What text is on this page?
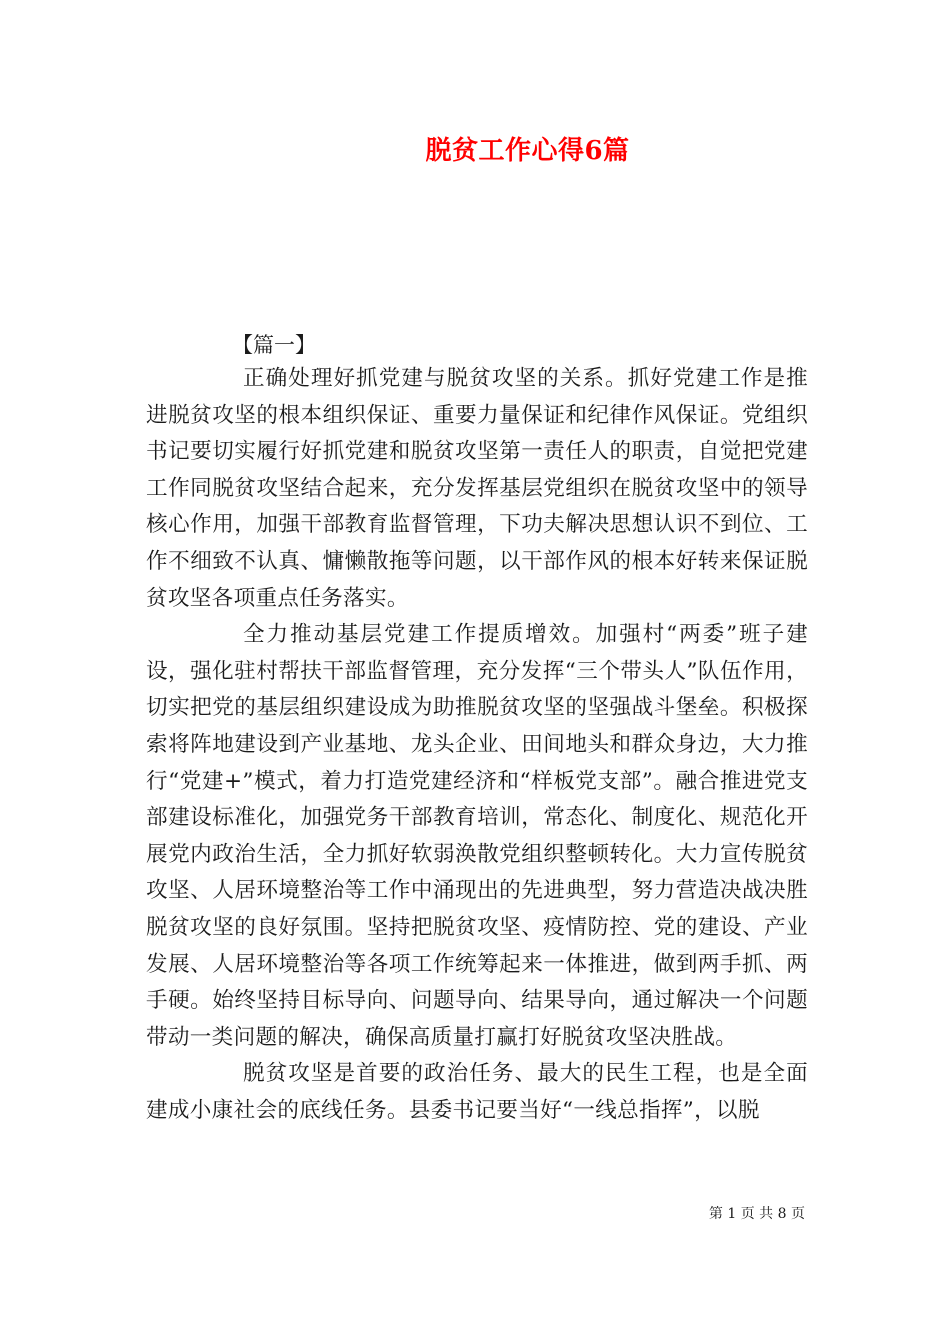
脱贫工作心得6篇
【篇一】

正确处理好抓党建与脱贫攻坚的关系。抓好党建工作是推进脱贫攻坚的根本组织保证、重要力量保证和纪律作风保证。党组织书记要切实履行好抓党建和脱贫攻坚第一责任人的职责，自觉把党建工作同脱贫攻坚结合起来，充分发挥基层党组织在脱贫攻坚中的领导核心作用，加强干部教育监督管理，下功夫解决思想认识不到位、工作不细致不认真、慵懒散拖等问题，以干部作风的根本好转来保证脱贫攻坚各项重点任务落实。

全力推动基层党建工作提质增效。加强村“两委”班子建设，强化驻村帮扶干部监督管理，充分发挥“三个带头人”队伍作用，切实把党的基层组织建设成为助推脱贫攻坚的坚强战斗堡垒。积极探索将阵地建设到产业基地、龙头企业、田间地头和群众身边，大力推行“党建+”模式，着力打造党建经济和“样板党支部”。融合推进党支部建设标准化，加强党务干部教育培训，常态化、制度化、规范化开展党内政治生活，全力抓好软弱涣散党组织整顿转化。大力宣传脱贫攻坚、人居环境整治等工作中涌现出的先进典型，努力营造决战决胜脱贫攻坚的良好氛围。坚持把脱贫攻坚、疫情防控、党的建设、产业发展、人居环境整治等各项工作统筹起来一体推进，做到两手抓、两手硬。始终坚持目标导向、问题导向、结果导向，通过解决一个问题带动一类问题的解决，确保高质量打赢打好脱贫攻坚决胜战。

脱贫攻坚是首要的政治任务、最大的民生工程，也是全面建成小康社会的底线任务。县委书记要当好“一线总指挥”，以脱

第 1 页 共 8 页
